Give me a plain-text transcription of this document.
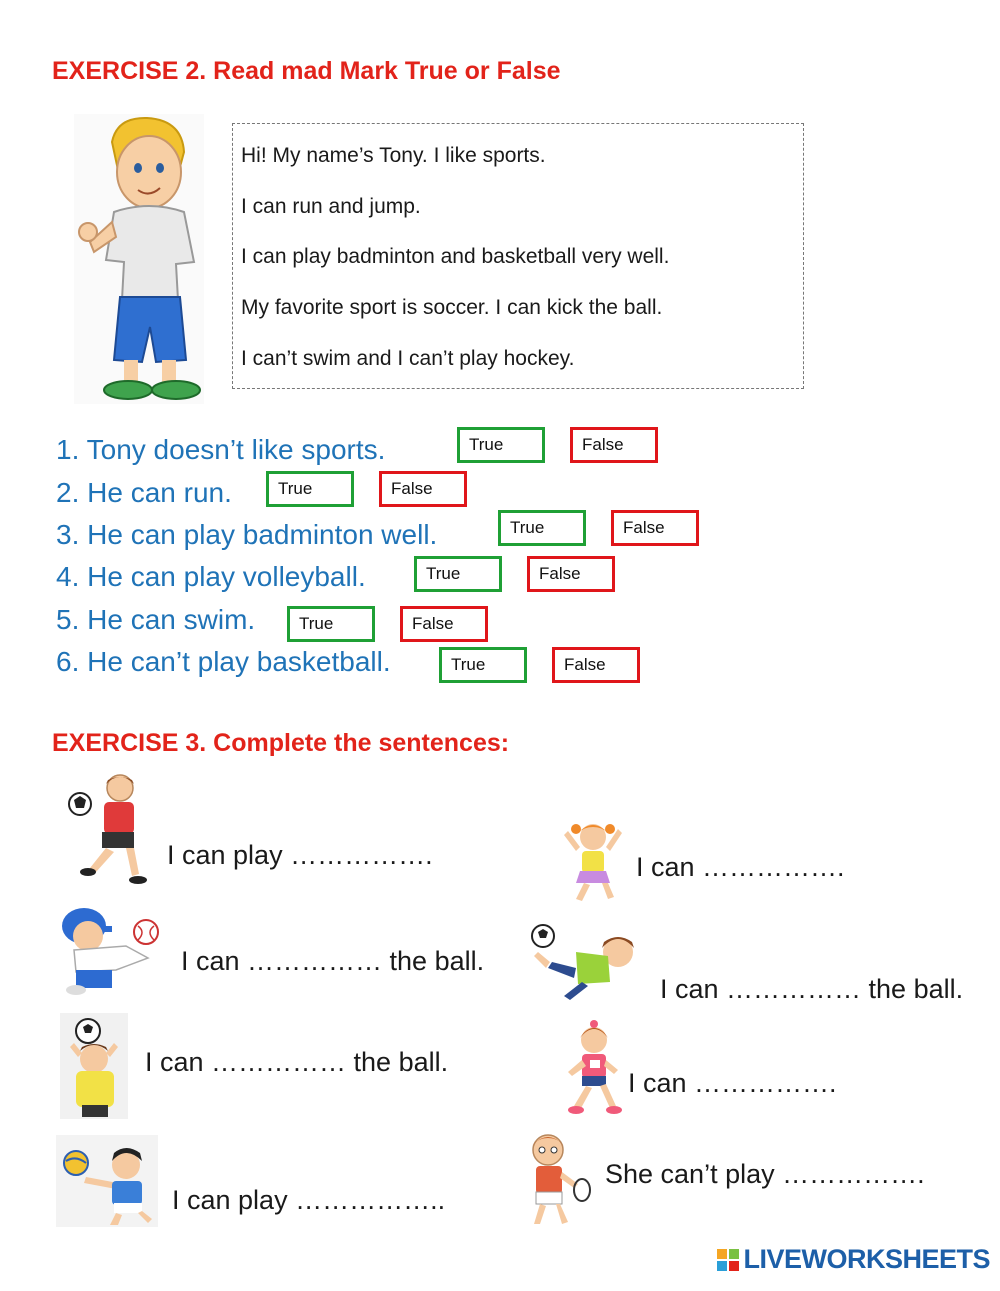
EXERCISE 2. Read mad Mark True or False
Hi! My name’s Tony. I like sports.
I can run and jump.
I can play badminton and basketball very well.
My favorite sport is soccer. I can kick the ball.
I can’t swim and I can’t play hockey.
1. Tony doesn’t like sports.	True	False
2. He can run.	True	False
3. He can play badminton well.	True	False
4. He can play volleyball.	True	False
5. He can swim.	True	False
6. He can’t play basketball.	True	False
EXERCISE 3. Complete the sentences:
I can play …………….
I can …………… the ball.
I can …………… the ball.
I can play ……………..
I can …………….
I can …………… the ball.
I can …………….
She can’t play …………….
LIVEWORKSHEETS
